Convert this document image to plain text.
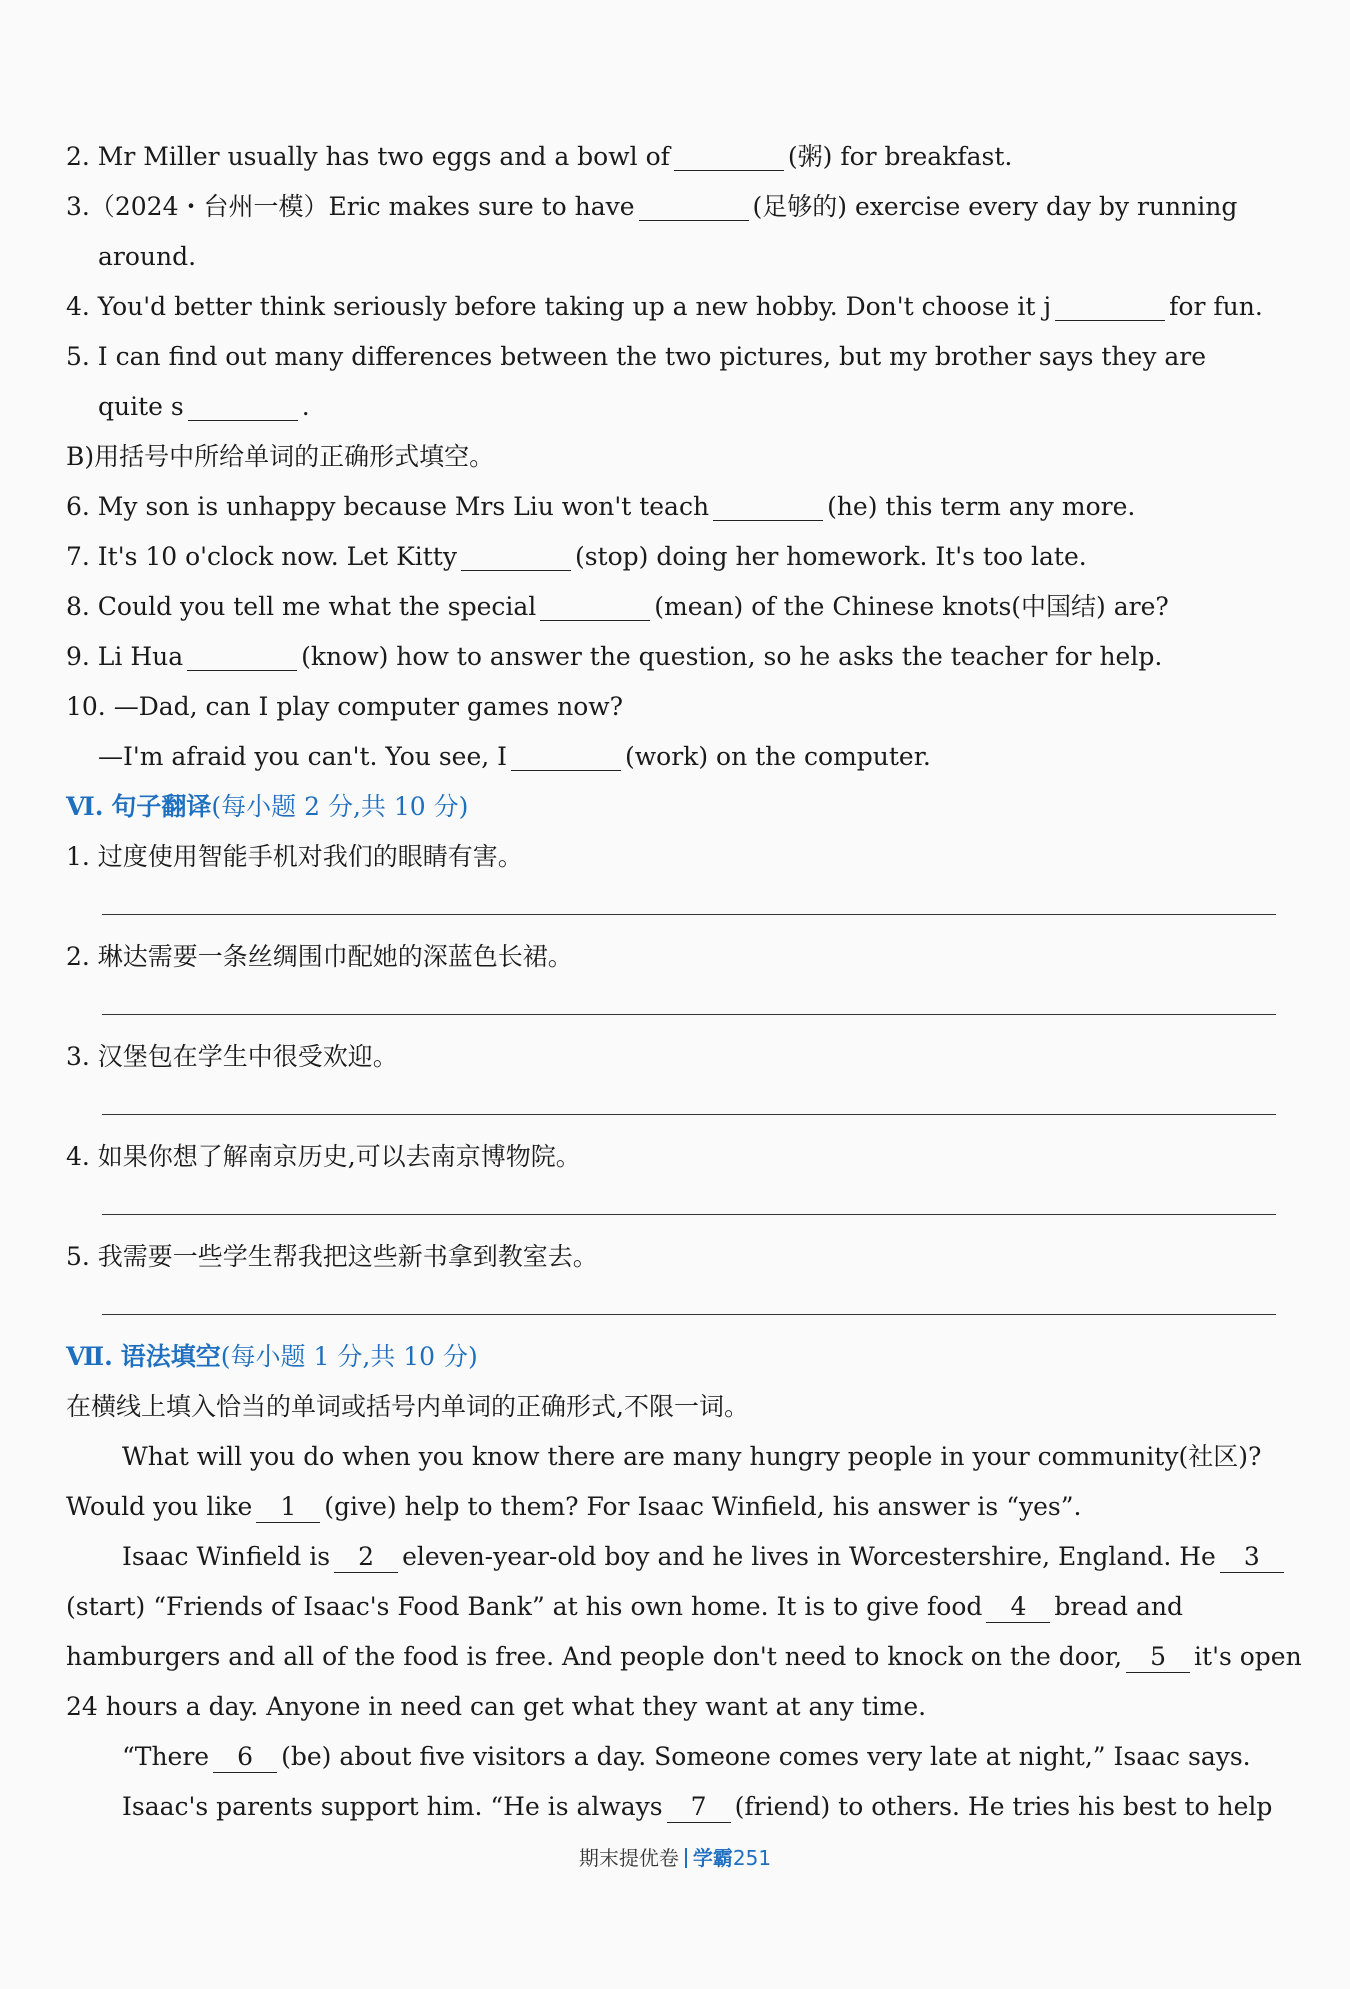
2. Mr Miller usually has two eggs and a bowl of	(粥) for breakfast.
3.（2024・台州一模）Eric makes sure to have	(足够的) exercise every day by running
around.
4. You'd better think seriously before taking up a new hobby. Don't choose it j	for fun.
5. I can find out many differences between the two pictures, but my brother says they are
quite s	.
B)用括号中所给单词的正确形式填空。
6. My son is unhappy because Mrs Liu won't teach	(he) this term any more.
7. It's 10 o'clock now. Let Kitty	(stop) doing her homework. It's too late.
8. Could you tell me what the special	(mean) of the Chinese knots(中国结) are?
9. Li Hua	(know) how to answer the question, so he asks the teacher for help.
10. —Dad, can I play computer games now?
—I'm afraid you can't. You see, I	(work) on the computer.
Ⅵ. 句子翻译(每小题 2 分,共 10 分)
1. 过度使用智能手机对我们的眼睛有害。
2. 琳达需要一条丝绸围巾配她的深蓝色长裙。
3. 汉堡包在学生中很受欢迎。
4. 如果你想了解南京历史,可以去南京博物院。
5. 我需要一些学生帮我把这些新书拿到教室去。
Ⅶ. 语法填空(每小题 1 分,共 10 分)
在横线上填入恰当的单词或括号内单词的正确形式,不限一词。
What will you do when you know there are many hungry people in your community(社区)?
Would you like 1 (give) help to them? For Isaac Winfield, his answer is “yes”.
Isaac Winfield is 2 eleven-year-old boy and he lives in Worcestershire, England. He 3
(start) “Friends of Isaac's Food Bank” at his own home. It is to give food 4 bread and
hamburgers and all of the food is free. And people don't need to knock on the door, 5 it's open
24 hours a day. Anyone in need can get what they want at any time.
“There 6 (be) about five visitors a day. Someone comes very late at night,” Isaac says.
Isaac's parents support him. “He is always 7 (friend) to others. He tries his best to help
期末提优卷 学霸251
